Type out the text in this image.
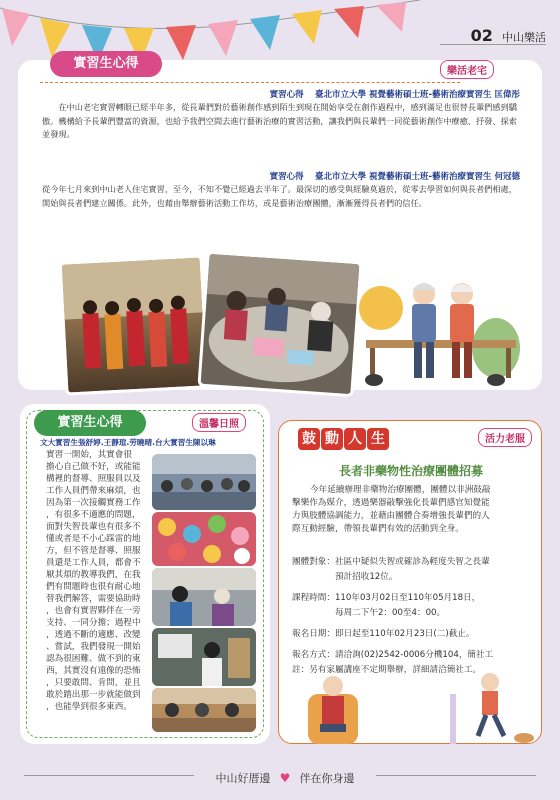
02 中山樂活
實習生心得
樂活老宅
實習心得　 臺北市立大學 視覺藝術碩士班-藝術治療實習生 匡偉彤
在中山老宅實習轉眼已經半年多，從長輩們對於藝術創作感到陌生到現在開始享受在創作過程中，感到滿足也很替長輩們感到驕傲。機構給予長輩們豐富的資源，也給予我們空間去進行藝術治療的實習活動，讓我們與長輩們一同從藝術創作中療癒、抒發、探索並發現。
實習心得　 臺北市立大學 視覺藝術碩士班-藝術治療實習生 何冠德
從今年七月來到中山老人住宅實習，至今，不知不覺已經過去半年了。最深切的感受與經驗莫過於，從零去學習如何與長者們相處，開始與長者們建立關係。此外，也藉由舉辦藝術活動工作坊，或是藝術治療團體，漸漸獲得長者們的信任。
實習生心得	溫馨日照
文大實習生張舒婷.王靜瑄.劳曉晴.台大實習生陳以琳
實習一開始，其實會很
擔心自己做不好，或能能
構裡的督導、照服員以及
工作人員們帶來麻煩，也
因為第一次接觸實務工作
，有很多不適應的問題，
面對失智長輩也有很多不
懂或者是不小心踩雷的地
方，但不管是督導、照服
員還是工作人員，都會不
厭其煩的教導我們，在我
們有問題時也很有耐心地
替我們解答，需要協助時
，也會有實習夥伴在一旁
支持、一同分擔；過程中
，透過不斷的適應、改變
、嘗試，我們發現一開始
認為很困難、做不到的東
西，其實沒有遠像的恐怖
，只要敢問、肯問，並且
敢於踏出那一步就能做到
，也能學到很多東西。
鼓 動 人 生	活力老服
長者非藥物性治療團體招募
今年延續辦理非藥物治療團體，團體以非洲鼓敲
擊樂作為媒介，透過樂器敲擊強化長輩們感官知覺能
力與肢體協調能力，並藉由團體合奏增強長輩們的人
際互動經驗，帶領長輩們有效的活動到全身。
團體對象：社區中疑似失智或確診為輕度失智之長輩
　　　　　預計招收12位。
課程時間：110年03月02日至110年05月18日，
　　　　　每周二下午2：00至4：00。
報名日期：即日起至110年02月23日(二)截止。
報名方式：請洽詢(02)2542-0006分機104，簡社工
註：另有家屬講座不定期舉辦，詳細請洽簡社工。
中山好厝邊 ♥ 伴在你身邊
